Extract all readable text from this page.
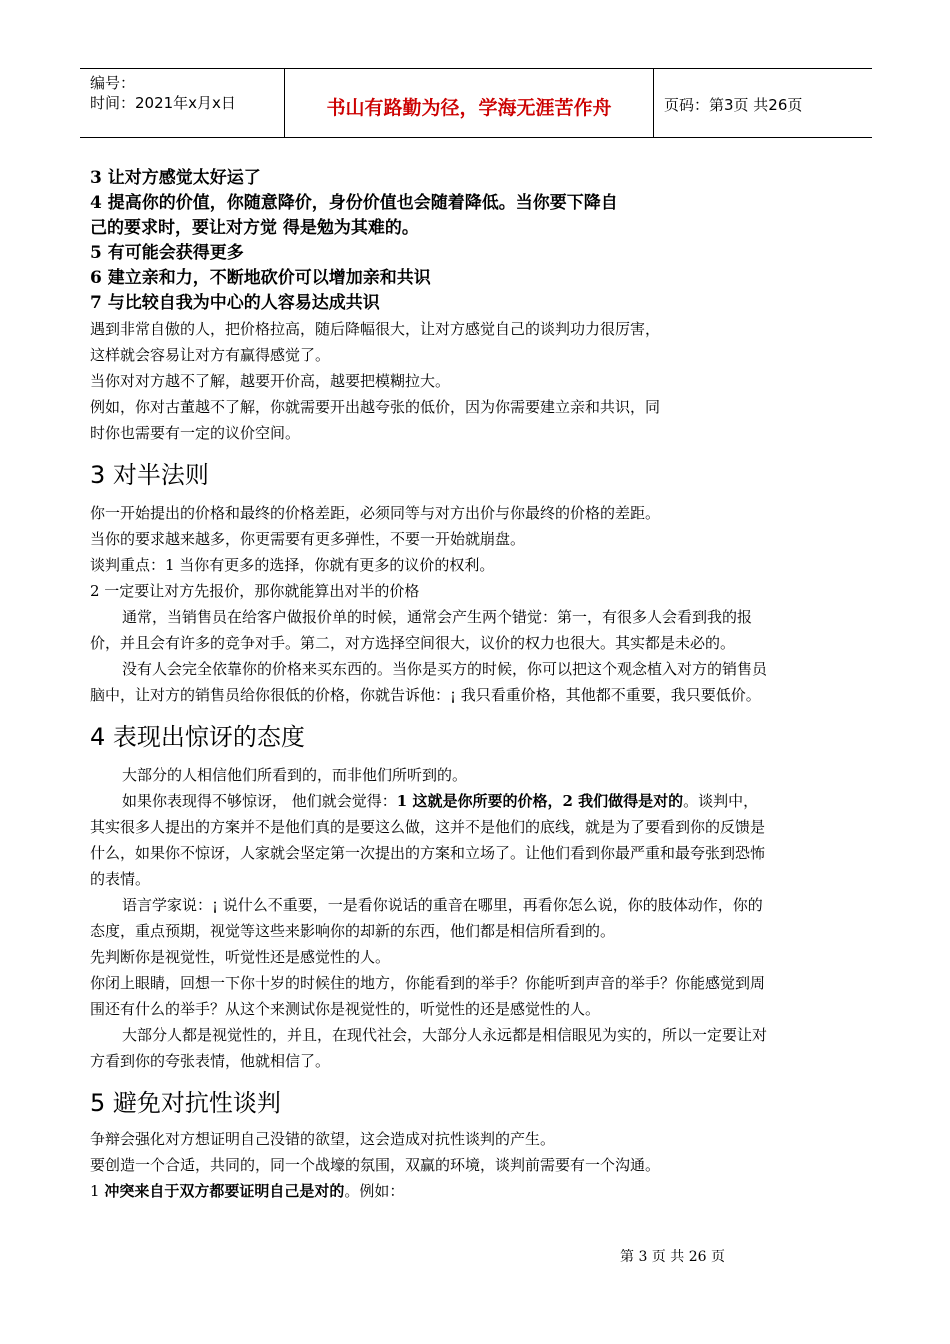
编号：
时间：2021年x月x日	书山有路勤为径，学海无涯苦作舟	页码：第3页 共26页

3 让对方感觉太好运了

4 提高你的价值，你随意降价，身份价值也会随着降低。当你要下降自

己的要求时，要让对方觉 得是勉为其难的。

5 有可能会获得更多

6 建立亲和力，不断地砍价可以增加亲和共识

7 与比较自我为中心的人容易达成共识

遇到非常自傲的人，把价格拉高，随后降幅很大，让对方感觉自己的谈判功力很厉害，

这样就会容易让对方有赢得感觉了。

当你对对方越不了解，越要开价高，越要把模糊拉大。

例如，你对古董越不了解，你就需要开出越夸张的低价，因为你需要建立亲和共识，同

时你也需要有一定的议价空间。

3 对半法则

你一开始提出的价格和最终的价格差距，必须同等与对方出价与你最终的价格的差距。

当你的要求越来越多，你更需要有更多弹性，不要一开始就崩盘。

谈判重点：1 当你有更多的选择，你就有更多的议价的权利。

2 一定要让对方先报价，那你就能算出对半的价格

通常，当销售员在给客户做报价单的时候，通常会产生两个错觉：第一，有很多人会看到我的报价，并且会有许多的竞争对手。第二，对方选择空间很大，议价的权力也很大。其实都是未必的。

没有人会完全依靠你的价格来买东西的。当你是买方的时候，你可以把这个观念植入对方的销售员脑中，让对方的销售员给你很低的价格，你就告诉他：¡ 我只看重价格，其他都不重要，我只要低价。

4 表现出惊讶的态度

大部分的人相信他们所看到的，而非他们所听到的。

如果你表现得不够惊讶， 他们就会觉得：1 这就是你所要的价格，2 我们做得是对的。谈判中，其实很多人提出的方案并不是他们真的是要这么做，这并不是他们的底线，就是为了要看到你的反馈是什么，如果你不惊讶，人家就会坚定第一次提出的方案和立场了。让他们看到你最严重和最夸张到恐怖的表情。

语言学家说：¡ 说什么不重要，一是看你说话的重音在哪里，再看你怎么说，你的肢体动作，你的态度，重点预期，视觉等这些来影响你的却新的东西，他们都是相信所看到的。

先判断你是视觉性，听觉性还是感觉性的人。

你闭上眼睛，回想一下你十岁的时候住的地方，你能看到的举手？你能听到声音的举手？你能感觉到周围还有什么的举手？从这个来测试你是视觉性的，听觉性的还是感觉性的人。

大部分人都是视觉性的，并且，在现代社会，大部分人永远都是相信眼见为实的，所以一定要让对方看到你的夸张表情，他就相信了。

5 避免对抗性谈判

争辩会强化对方想证明自己没错的欲望，这会造成对抗性谈判的产生。

要创造一个合适，共同的，同一个战壕的氛围，双赢的环境，谈判前需要有一个沟通。

1 冲突来自于双方都要证明自己是对的。例如：

第 3 页 共 26 页
